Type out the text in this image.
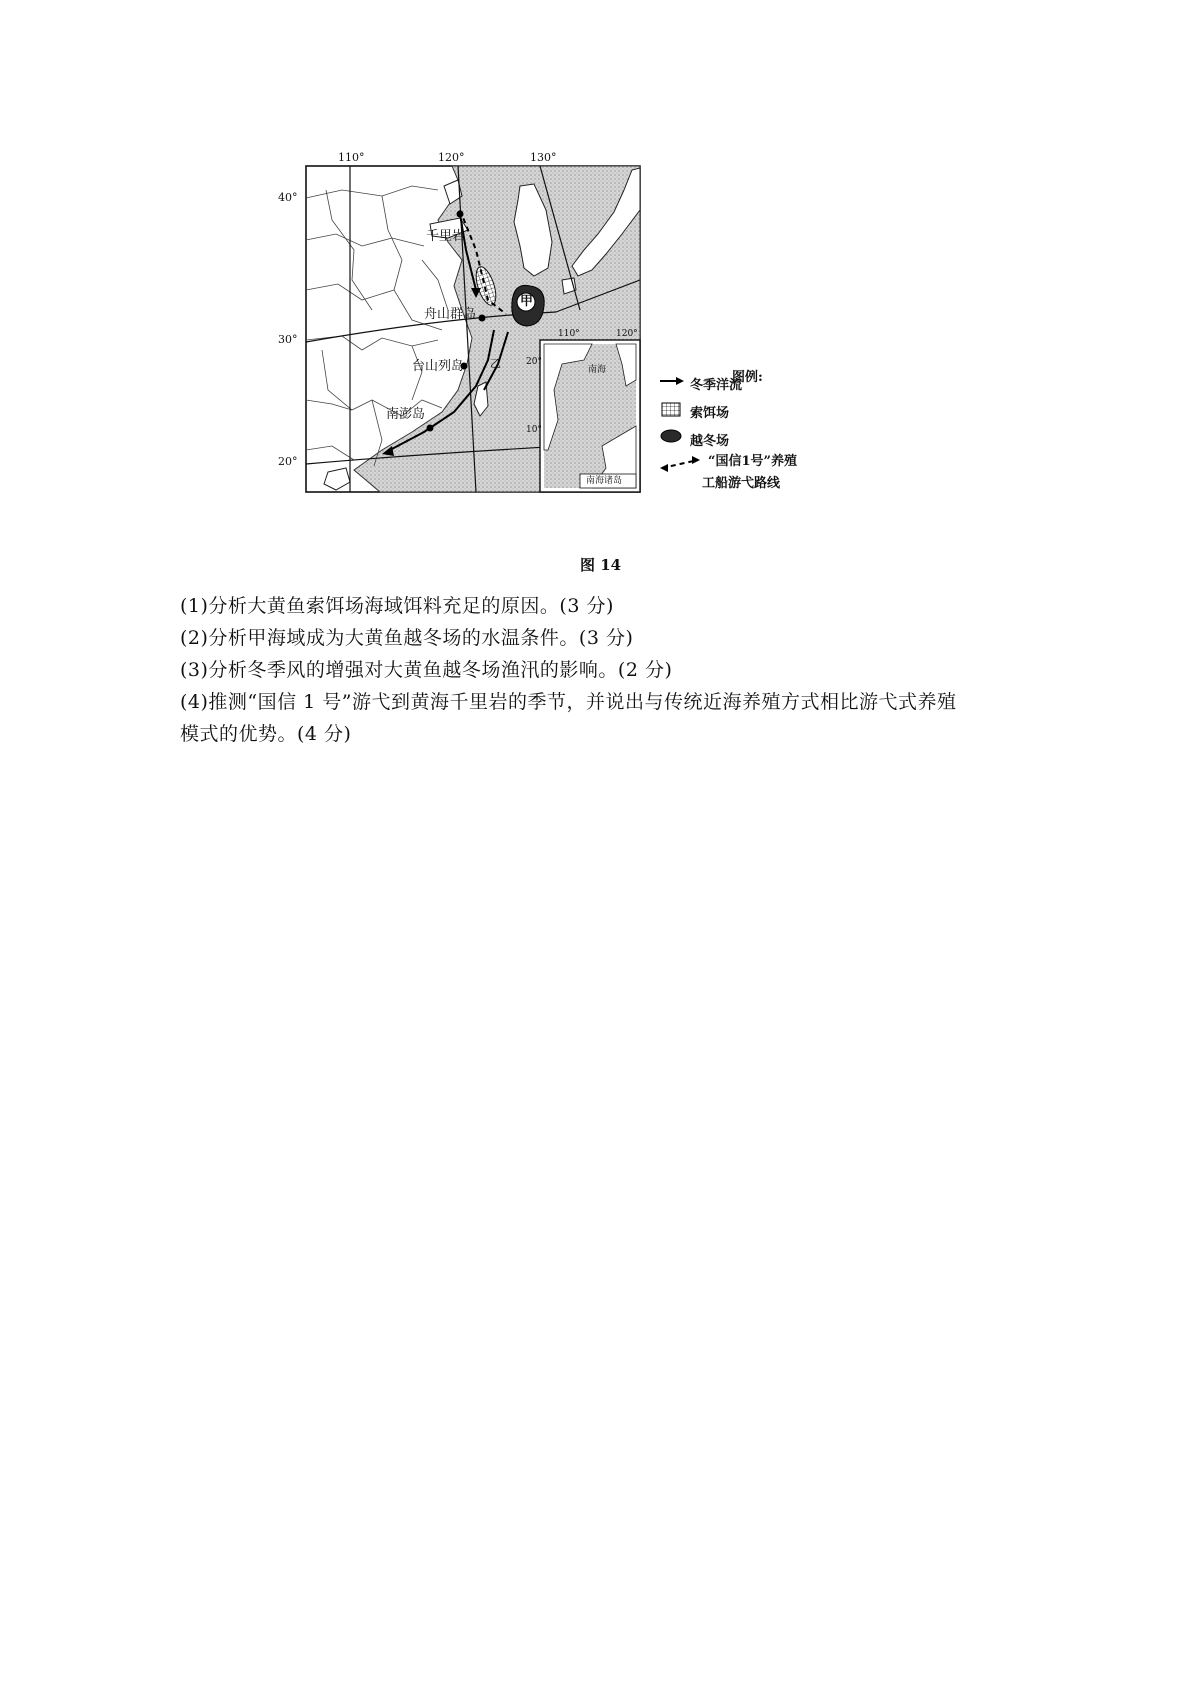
110°	120°	130°
40°
30°
20°
千里岩
舟山群岛
台山列岛
南澎岛
甲
乙
110°	120°
20°
10°
南海
南海诸岛
图例:
冬季洋流
索饵场
越冬场
“国信1号”养殖
工船游弋路线
图 14

(1)分析大黄鱼索饵场海域饵料充足的原因。(3 分)

(2)分析甲海域成为大黄鱼越冬场的水温条件。(3 分)

(3)分析冬季风的增强对大黄鱼越冬场渔汛的影响。(2 分)

(4)推测“国信 1 号”游弋到黄海千里岩的季节，并说出与传统近海养殖方式相比游弋式养殖

模式的优势。(4 分)
